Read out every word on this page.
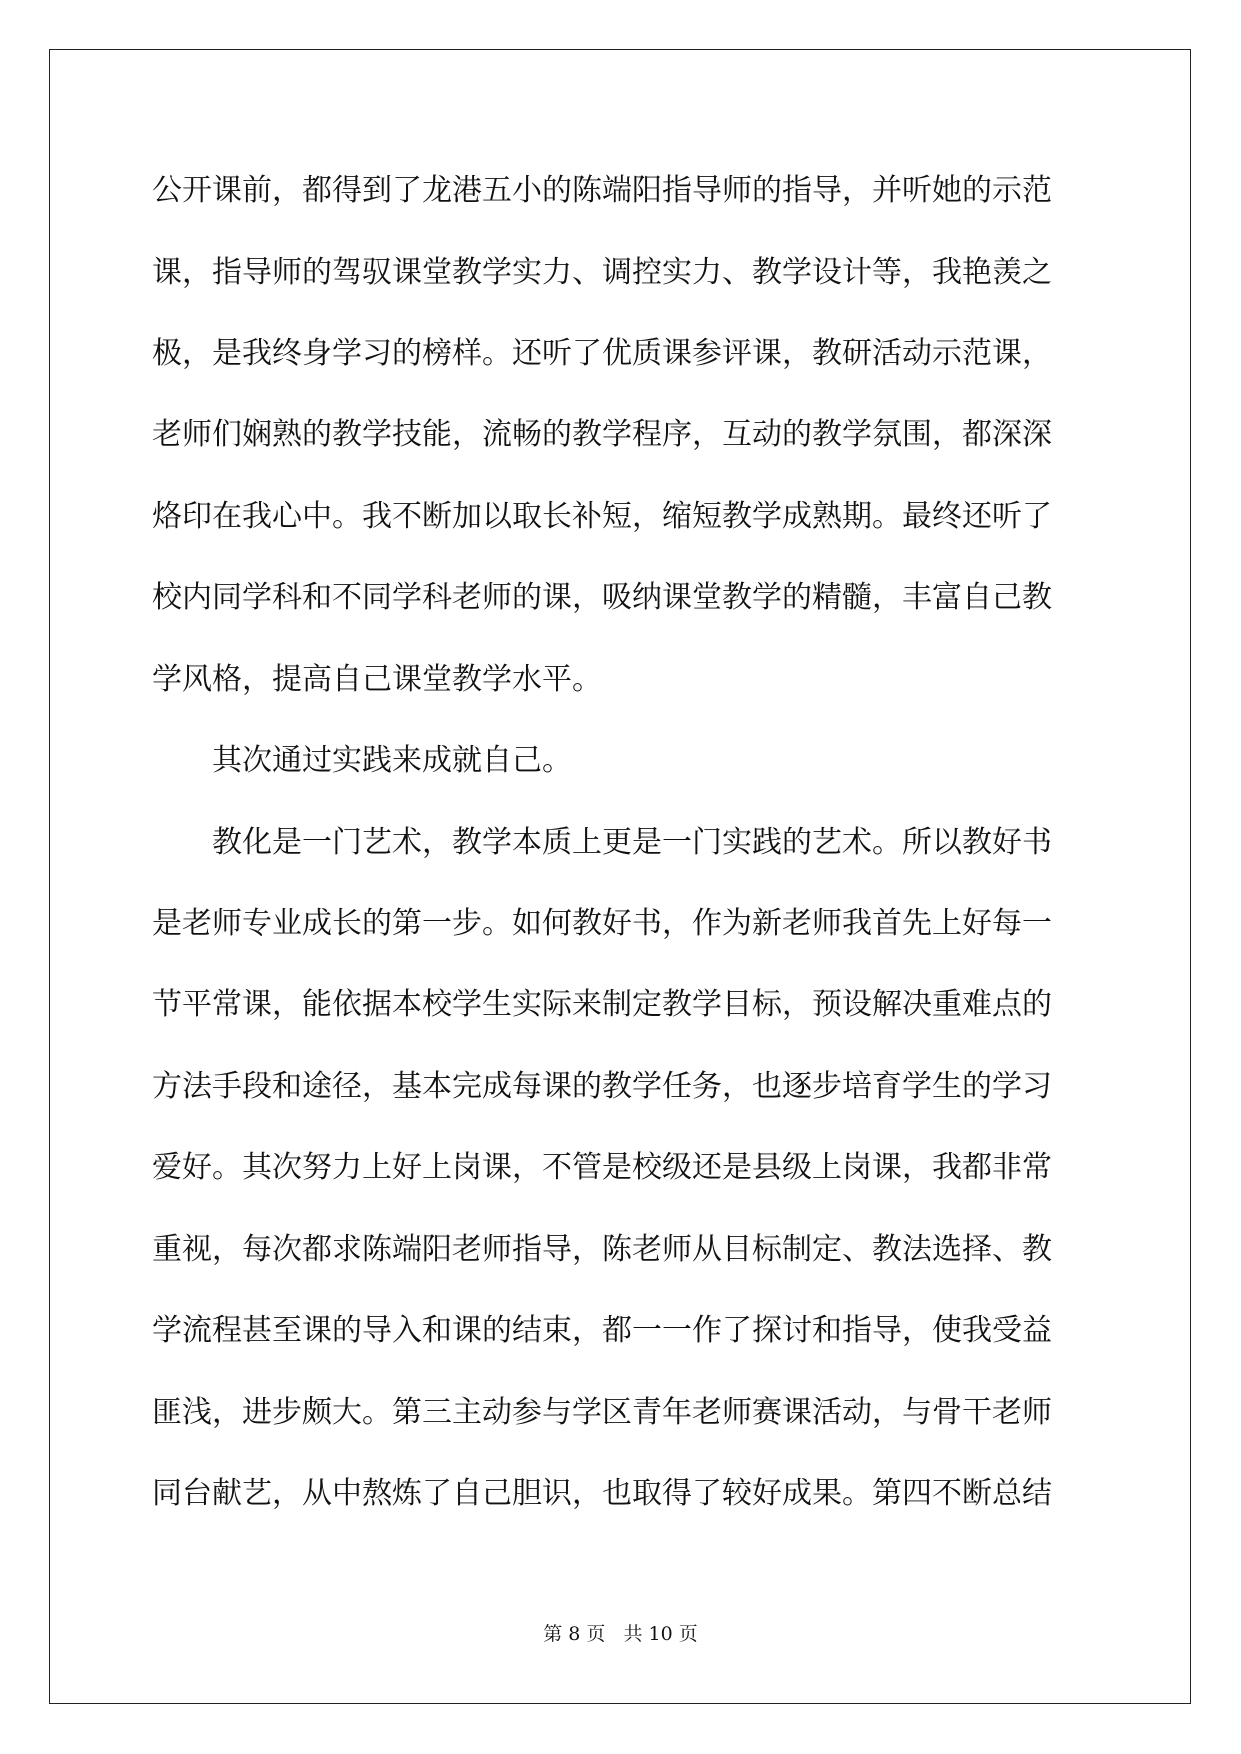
公开课前，都得到了龙港五小的陈端阳指导师的指导，并听她的示范
课，指导师的驾驭课堂教学实力、调控实力、教学设计等，我艳羡之
极，是我终身学习的榜样。还听了优质课参评课，教研活动示范课，
老师们娴熟的教学技能，流畅的教学程序，互动的教学氛围，都深深
烙印在我心中。我不断加以取长补短，缩短教学成熟期。最终还听了
校内同学科和不同学科老师的课，吸纳课堂教学的精髓，丰富自己教
学风格，提高自己课堂教学水平。
其次通过实践来成就自己。
教化是一门艺术，教学本质上更是一门实践的艺术。所以教好书
是老师专业成长的第一步。如何教好书，作为新老师我首先上好每一
节平常课，能依据本校学生实际来制定教学目标，预设解决重难点的
方法手段和途径，基本完成每课的教学任务，也逐步培育学生的学习
爱好。其次努力上好上岗课，不管是校级还是县级上岗课，我都非常
重视，每次都求陈端阳老师指导，陈老师从目标制定、教法选择、教
学流程甚至课的导入和课的结束，都一一作了探讨和指导，使我受益
匪浅，进步颇大。第三主动参与学区青年老师赛课活动，与骨干老师
同台献艺，从中熬炼了自己胆识，也取得了较好成果。第四不断总结
第 8 页   共 10 页
